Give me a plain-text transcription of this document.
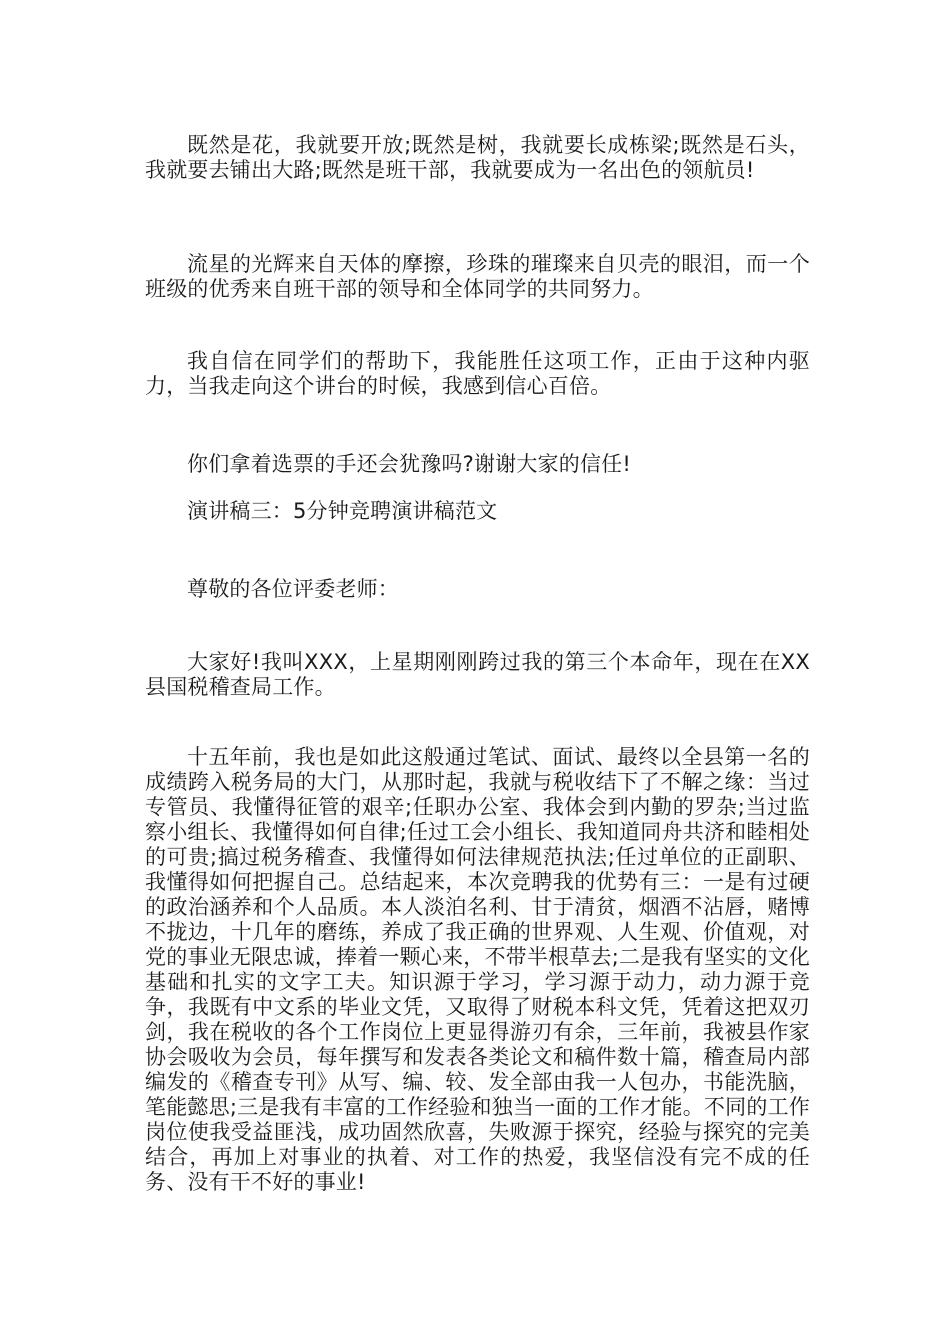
既然是花，我就要开放;既然是树，我就要长成栋梁;既然是石头，我就要去铺出大路;既然是班干部，我就要成为一名出色的领航员!

流星的光辉来自天体的摩擦，珍珠的璀璨来自贝壳的眼泪，而一个班级的优秀来自班干部的领导和全体同学的共同努力。

我自信在同学们的帮助下，我能胜任这项工作，正由于这种内驱力，当我走向这个讲台的时候，我感到信心百倍。

你们拿着选票的手还会犹豫吗?谢谢大家的信任!

演讲稿三：5分钟竞聘演讲稿范文

尊敬的各位评委老师：

大家好!我叫XXX，上星期刚刚跨过我的第三个本命年，现在在XX县国税稽查局工作。

十五年前，我也是如此这般通过笔试、面试、最终以全县第一名的成绩跨入税务局的大门，从那时起，我就与税收结下了不解之缘：当过专管员、我懂得征管的艰辛;任职办公室、我体会到内勤的罗杂;当过监察小组长、我懂得如何自律;任过工会小组长、我知道同舟共济和睦相处的可贵;搞过税务稽查、我懂得如何法律规范执法;任过单位的正副职、我懂得如何把握自己。总结起来，本次竞聘我的优势有三：一是有过硬的政治涵养和个人品质。本人淡泊名利、甘于清贫，烟酒不沾唇，赌博不拢边，十几年的磨练，养成了我正确的世界观、人生观、价值观，对党的事业无限忠诚，捧着一颗心来，不带半根草去;二是我有坚实的文化基础和扎实的文字工夫。知识源于学习，学习源于动力，动力源于竞争，我既有中文系的毕业文凭，又取得了财税本科文凭，凭着这把双刃剑，我在税收的各个工作岗位上更显得游刃有余，三年前，我被县作家协会吸收为会员，每年撰写和发表各类论文和稿件数十篇，稽查局内部编发的《稽查专刊》从写、编、较、发全部由我一人包办，书能洗脑，笔能懿思;三是我有丰富的工作经验和独当一面的工作才能。不同的工作岗位使我受益匪浅，成功固然欣喜，失败源于探究，经验与探究的完美结合，再加上对事业的执着、对工作的热爱，我坚信没有完不成的任务、没有干不好的事业!
